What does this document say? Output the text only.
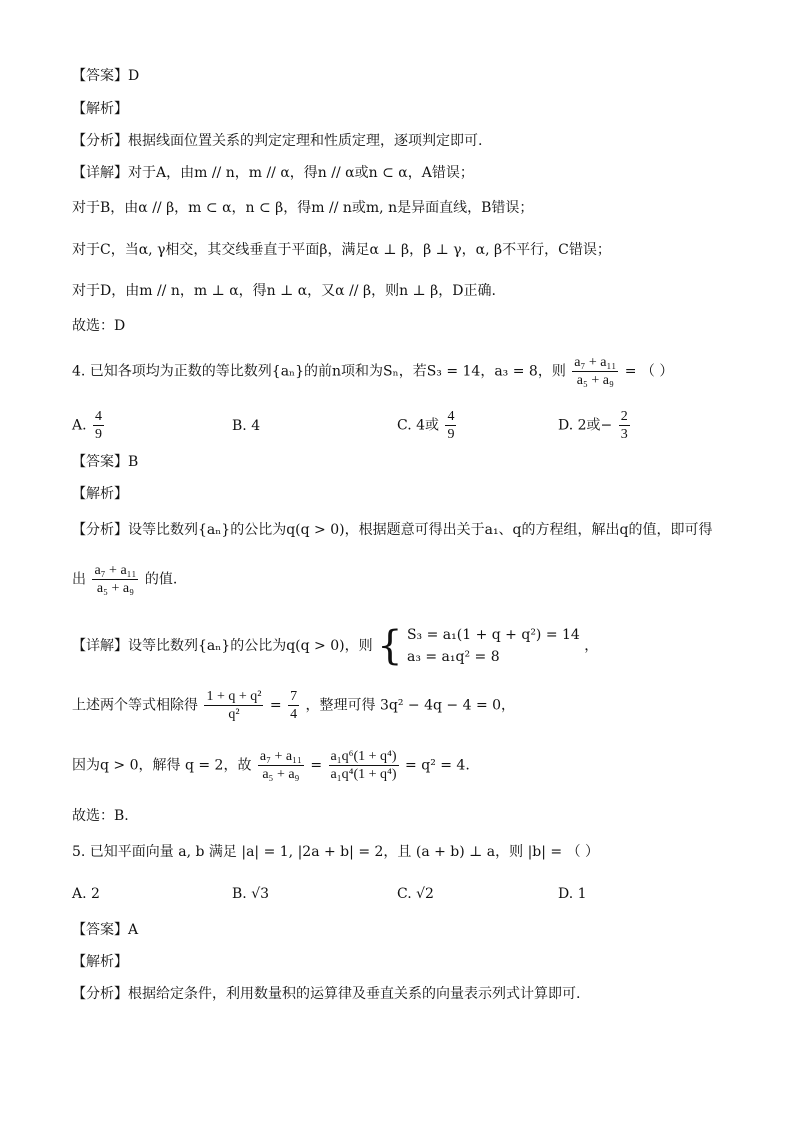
【答案】D
【解析】
【分析】根据线面位置关系的判定定理和性质定理，逐项判定即可.
【详解】对于A，由m // n，m // α，得n // α或n ⊂ α，A错误；
对于B，由α // β，m ⊂ α，n ⊂ β，得m // n或m, n是异面直线，B错误；
对于C，当α, γ相交，其交线垂直于平面β，满足α ⊥ β，β ⊥ γ，α, β不平行，C错误；
对于D，由m // n，m ⊥ α，得n ⊥ α，又α // β，则n ⊥ β，D正确.
故选：D
4. 已知各项均为正数的等比数列{aₙ}的前n项和为Sₙ，若S₃ = 14，a₃ = 8，则 $\frac{\text{a₇ + a₁₁}}{\text{a₅ + a₉}}$ = （ ）
A. $\frac{4}{9}$	B. 4	C. 4或 $\frac{4}{9}$	D. 2或− $\frac{2}{3}$
【答案】B
【解析】
【分析】设等比数列{aₙ}的公比为q(q > 0)，根据题意可得出关于a₁、q的方程组，解出q的值，即可得
出 $\frac{\text{a₇ + a₁₁}}{\text{a₅ + a₉}}$ 的值.
【详解】设等比数列{aₙ}的公比为q(q > 0)，则 { S₃ = a₁(1 + q + q²) = 14
a₃ = a₁q² = 8
，
上述两个等式相除得 $\frac{\text{1 + q + q²}}{\text{q²}} = \frac{7}{4}$ ，整理可得 3q² − 4q − 4 = 0，
因为q > 0，解得 q = 2，故 $\frac{\text{a₇ + a₁₁}}{\text{a₅ + a₉}} = \frac{\text{a₁q⁶(1 + q⁴)}}{\text{a₁q⁴(1 + q⁴)}} = q^2 = 4$.
故选：B.
5. 已知平面向量 a, b 满足 |a| = 1, |2a + b| = 2，且 (a + b) ⊥ a，则 |b| = （ ）
A. 2	B. √3	C. √2	D. 1
【答案】A
【解析】
【分析】根据给定条件，利用数量积的运算律及垂直关系的向量表示列式计算即可.
